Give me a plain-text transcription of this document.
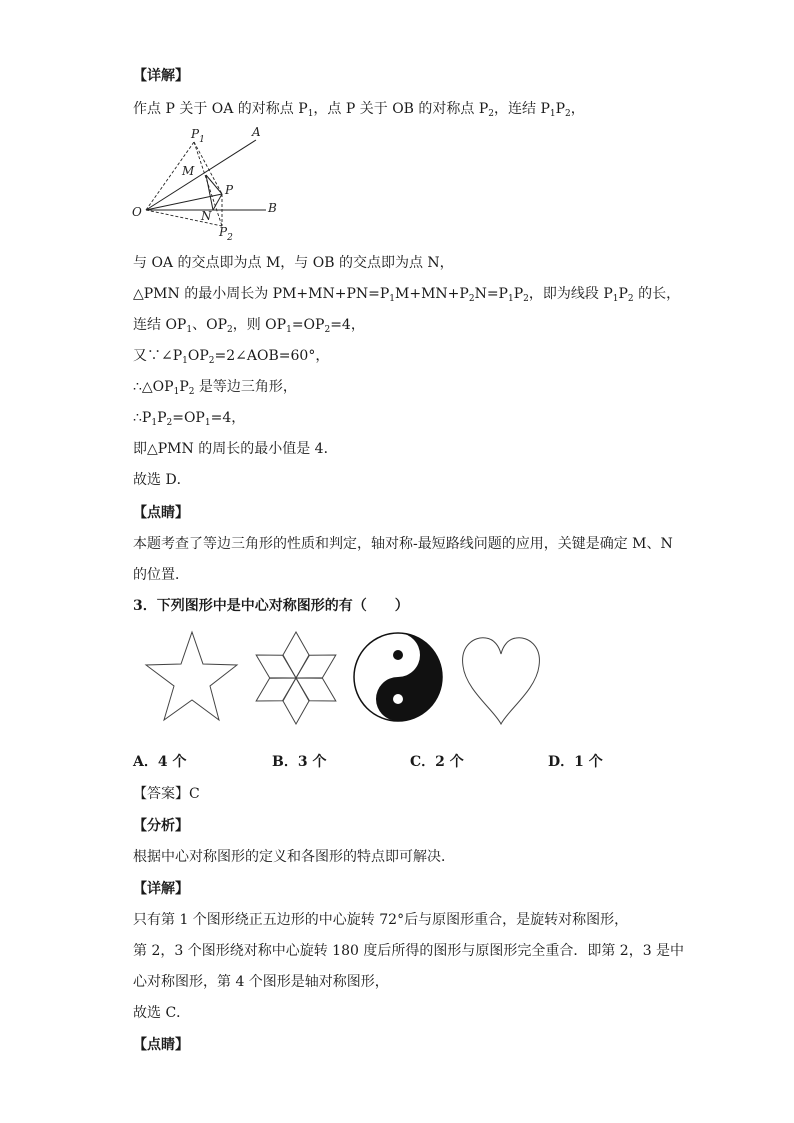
【详解】
作点 P 关于 OA 的对称点 $P_1$，点 P 关于 OB 的对称点 $P_2$，连结 $P_1P_2$，
$P_1$
A
M
P
O	N
B
$P_2$
与 OA 的交点即为点 M，与 OB 的交点即为点 N，
△PMN 的最小周长为 $PM+MN+PN=P_1M+MN+P_2N=P_1P_2$，即为线段 $P_1P_2$ 的长，
连结 $OP_1$、$OP_2$，则 $OP_1=OP_2=4$，
又$\because\angle P_1OP_2=2\angle AOB=60^\circ$，
$\therefore\triangle OP_1P_2$ 是等边三角形，
$\therefore P_1P_2=OP_1=4$，
即△PMN 的周长的最小值是 4．
故选 D．
【点睛】
本题考查了等边三角形的性质和判定，轴对称-最短路线问题的应用，关键是确定 M、N
的位置．
3．下列图形中是中心对称图形的有（　　）
A．4 个	B．3 个	C．2 个	D．1 个
【答案】C
【分析】
根据中心对称图形的定义和各图形的特点即可解决．
【详解】
只有第 1 个图形绕正五边形的中心旋转 72°后与原图形重合，是旋转对称图形，
第 2，3 个图形绕对称中心旋转 180 度后所得的图形与原图形完全重合．即第 2，3 是中
心对称图形，第 4 个图形是轴对称图形，
故选 C．
【点睛】
